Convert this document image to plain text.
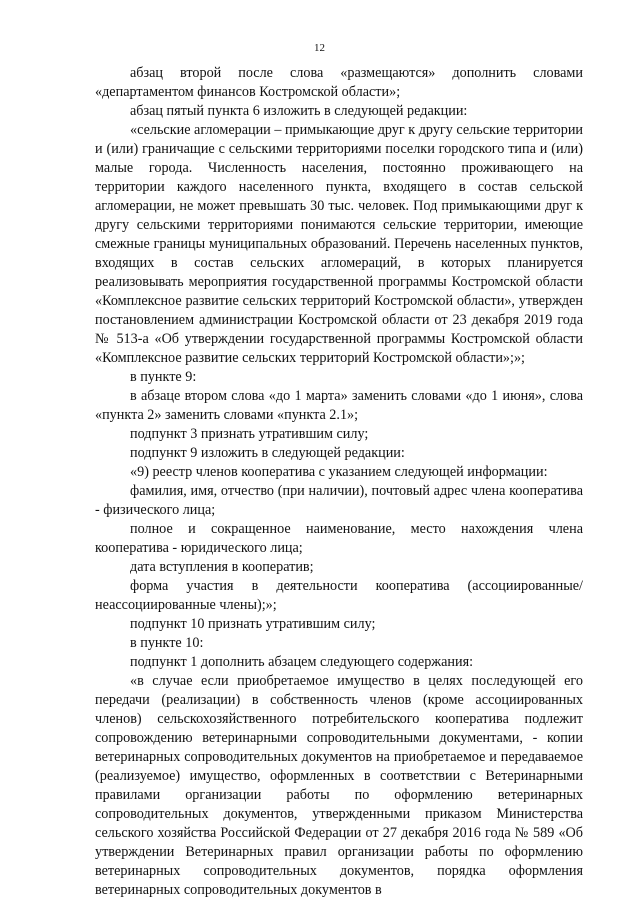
12

абзац второй после слова «размещаются» дополнить словами «департаментом финансов Костромской области»;

абзац пятый пункта 6 изложить в следующей редакции:

«сельские агломерации – примыкающие друг к другу сельские территории и (или) граничащие с сельскими территориями поселки городского типа и (или) малые города. Численность населения, постоянно проживающего на территории каждого населенного пункта, входящего в состав сельской агломерации, не может превышать 30 тыс. человек. Под примыкающими друг к другу сельскими территориями понимаются сельские территории, имеющие смежные границы муниципальных образований. Перечень населенных пунктов, входящих в состав сельских агломераций, в которых планируется реализовывать мероприятия государственной программы Костромской области «Комплексное развитие сельских территорий Костромской области», утвержден постановлением администрации Костромской области от 23 декабря 2019 года № 513-а «Об утверждении государственной программы Костромской области «Комплексное развитие сельских территорий Костромской области»;»;

в пункте 9:

в абзаце втором слова «до 1 марта» заменить словами «до 1 июня», слова «пункта 2» заменить словами «пункта 2.1»;

подпункт 3 признать утратившим силу;

подпункт 9 изложить в следующей редакции:

«9) реестр членов кооператива с указанием следующей информации:

фамилия, имя, отчество (при наличии), почтовый адрес члена кооператива - физического лица;

полное и сокращенное наименование, место нахождения члена кооператива - юридического лица;

дата вступления в кооператив;

форма участия в деятельности кооператива (ассоциированные/ неассоциированные члены);»;

подпункт 10 признать утратившим силу;

в пункте 10:

подпункт 1 дополнить абзацем следующего содержания:

«в случае если приобретаемое имущество в целях последующей его передачи (реализации) в собственность членов (кроме ассоциированных членов) сельскохозяйственного потребительского кооператива подлежит сопровождению ветеринарными сопроводительными документами, - копии ветеринарных сопроводительных документов на приобретаемое и передаваемое (реализуемое) имущество, оформленных в соответствии с Ветеринарными правилами организации работы по оформлению ветеринарных сопроводительных документов, утвержденными приказом Министерства сельского хозяйства Российской Федерации от 27 декабря 2016 года № 589 «Об утверждении Ветеринарных правил организации работы по оформлению ветеринарных сопроводительных документов, порядка оформления ветеринарных сопроводительных документов в
